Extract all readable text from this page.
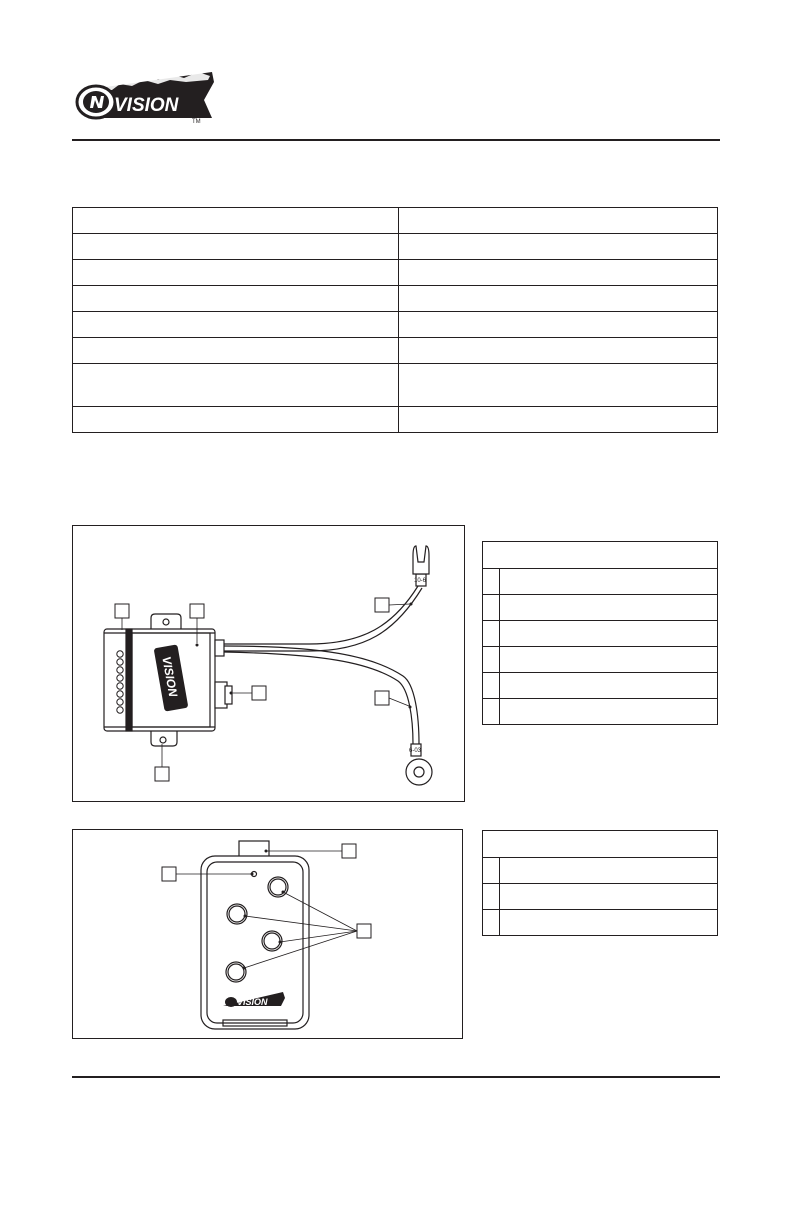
VISION
TM

VISION
10-6
6-03

VISION
